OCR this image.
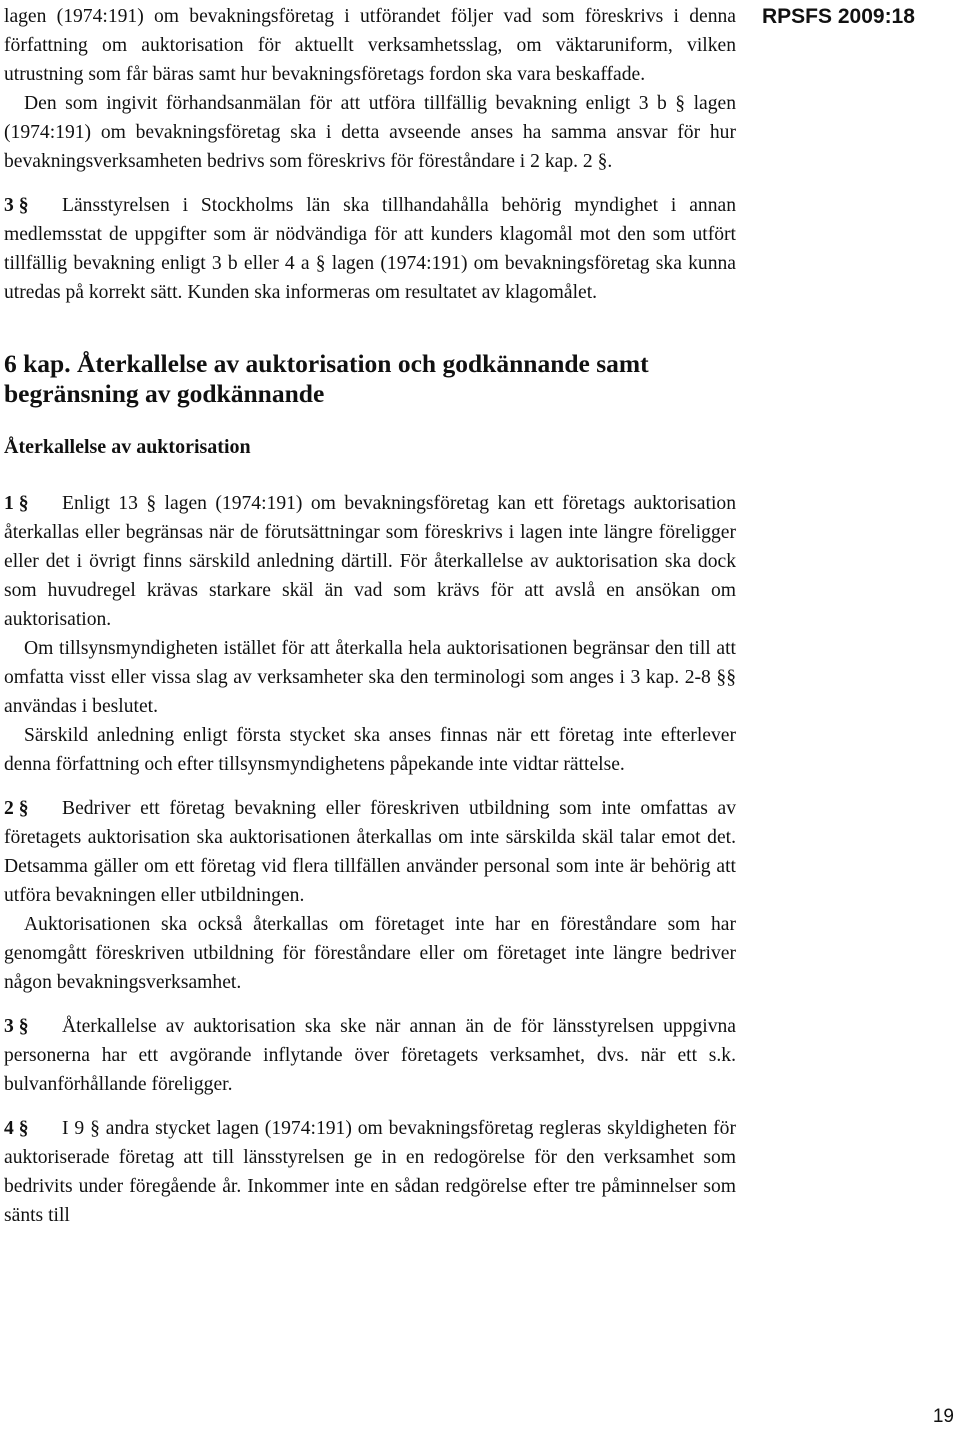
RPSFS 2009:18

lagen (1974:191) om bevakningsföretag i utförandet följer vad som föreskrivs i denna författning om auktorisation för aktuellt verksamhetsslag, om väktaruniform, vilken utrustning som får bäras samt hur bevakningsföretags fordon ska vara beskaffade.

Den som ingivit förhandsanmälan för att utföra tillfällig bevakning enligt 3 b § lagen (1974:191) om bevakningsföretag ska i detta avseende anses ha samma ansvar för hur bevakningsverksamheten bedrivs som föreskrivs för föreståndare i 2 kap. 2 §.

3 § Länsstyrelsen i Stockholms län ska tillhandahålla behörig myndighet i annan medlemsstat de uppgifter som är nödvändiga för att kunders klagomål mot den som utfört tillfällig bevakning enligt 3 b eller 4 a § lagen (1974:191) om bevakningsföretag ska kunna utredas på korrekt sätt. Kunden ska informeras om resultatet av klagomålet.

6 kap. Återkallelse av auktorisation och godkännande samt begränsning av godkännande
Återkallelse av auktorisation

1 § Enligt 13 § lagen (1974:191) om bevakningsföretag kan ett företags auktorisation återkallas eller begränsas när de förutsättningar som föreskrivs i lagen inte längre föreligger eller det i övrigt finns särskild anledning därtill. För återkallelse av auktorisation ska dock som huvudregel krävas starkare skäl än vad som krävs för att avslå en ansökan om auktorisation.

Om tillsynsmyndigheten istället för att återkalla hela auktorisationen begränsar den till att omfatta visst eller vissa slag av verksamheter ska den terminologi som anges i 3 kap. 2-8 §§ användas i beslutet.

Särskild anledning enligt första stycket ska anses finnas när ett företag inte efterlever denna författning och efter tillsynsmyndighetens påpekande inte vidtar rättelse.

2 § Bedriver ett företag bevakning eller föreskriven utbildning som inte omfattas av företagets auktorisation ska auktorisationen återkallas om inte särskilda skäl talar emot det. Detsamma gäller om ett företag vid flera tillfällen använder personal som inte är behörig att utföra bevakningen eller utbildningen.

Auktorisationen ska också återkallas om företaget inte har en föreståndare som har genomgått föreskriven utbildning för föreståndare eller om företaget inte längre bedriver någon bevakningsverksamhet.

3 § Återkallelse av auktorisation ska ske när annan än de för länsstyrelsen uppgivna personerna har ett avgörande inflytande över företagets verksamhet, dvs. när ett s.k. bulvanförhållande föreligger.

4 § I 9 § andra stycket lagen (1974:191) om bevakningsföretag regleras skyldigheten för auktoriserade företag att till länsstyrelsen ge in en redogörelse för den verksamhet som bedrivits under föregående år. Inkommer inte en sådan redgörelse efter tre påminnelser som sänts till

19
